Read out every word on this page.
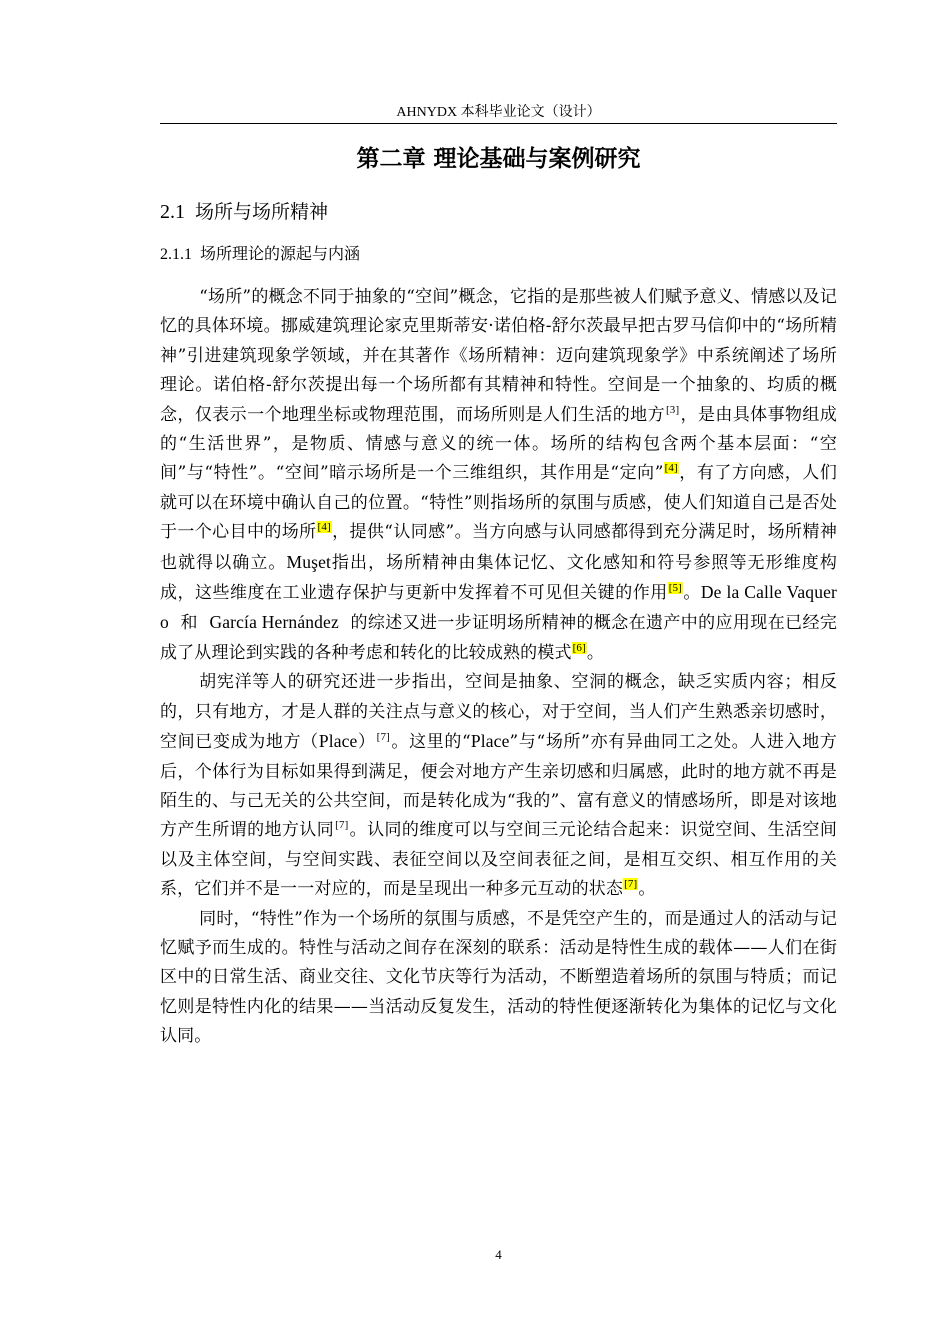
AHNYDX 本科毕业论文（设计）
第二章 理论基础与案例研究
2.1 场所与场所精神
2.1.1 场所理论的源起与内涵

“场所”的概念不同于抽象的“空间”概念，它指的是那些被人们赋予意义、情感以及记忆的具体环境。挪威建筑理论家克里斯蒂安·诺伯格-舒尔茨最早把古罗马信仰中的“场所精神”引进建筑现象学领域，并在其著作《场所精神：迈向建筑现象学》中系统阐述了场所理论。诺伯格-舒尔茨提出每一个场所都有其精神和特性。空间是一个抽象的、均质的概念，仅表示一个地理坐标或物理范围，而场所则是人们生活的地方[3]，是由具体事物组成的“生活世界”，是物质、情感与意义的统一体。场所的结构包含两个基本层面：“空间”与“特性”。“空间”暗示场所是一个三维组织，其作用是“定向”[4]，有了方向感，人们就可以在环境中确认自己的位置。“特性”则指场所的氛围与质感，使人们知道自己是否处于一个心目中的场所[4]，提供“认同感”。当方向感与认同感都得到充分满足时，场所精神也就得以确立。Muşet指出，场所精神由集体记忆、文化感知和符号参照等无形维度构成，这些维度在工业遗存保护与更新中发挥着不可见但关键的作用[5]。De la Calle Vaquero 和 García Hernández 的综述又进一步证明场所精神的概念在遗产中的应用现在已经完成了从理论到实践的各种考虑和转化的比较成熟的模式[6]。

胡宪洋等人的研究还进一步指出，空间是抽象、空洞的概念，缺乏实质内容；相反的，只有地方，才是人群的关注点与意义的核心，对于空间，当人们产生熟悉亲切感时，空间已变成为地方（Place）[7]。这里的“Place”与“场所”亦有异曲同工之处。人进入地方后，个体行为目标如果得到满足，便会对地方产生亲切感和归属感，此时的地方就不再是陌生的、与己无关的公共空间，而是转化成为“我的”、富有意义的情感场所，即是对该地方产生所谓的地方认同[7]。认同的维度可以与空间三元论结合起来：识觉空间、生活空间以及主体空间，与空间实践、表征空间以及空间表征之间，是相互交织、相互作用的关系，它们并不是一一对应的，而是呈现出一种多元互动的状态[7]。

同时，“特性”作为一个场所的氛围与质感，不是凭空产生的，而是通过人的活动与记忆赋予而生成的。特性与活动之间存在深刻的联系：活动是特性生成的载体——人们在街区中的日常生活、商业交往、文化节庆等行为活动，不断塑造着场所的氛围与特质；而记忆则是特性内化的结果——当活动反复发生，活动的特性便逐渐转化为集体的记忆与文化认同。

4
